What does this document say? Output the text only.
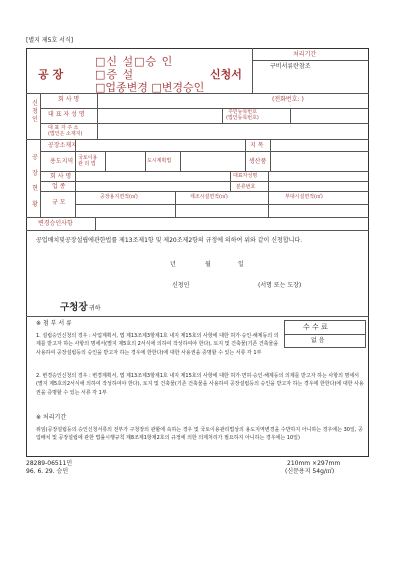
[별지 제5호 서식]
□신 설□승 인
공 장	□증 설	신청서
□업종변경 □변경승인
처리기간
구비서류란참조
신청인
회 사 명	(전화번호: )
대 표 자 성 명	주민등록번호
(법인등록번호)
대 표 자 주 소
(법인은 소재지)
공장현황
공장소재지	지 목
용도지역 국토이용
관 리 법	도시계획법	생산품
회 사 명	대표자성명
업 종	분류번호
규 모
공장용지면적(㎡)	제조시설면적(㎡)	부대시설면적(㎡)
변경승인사항
공업배치및공장설립에관한법률 제13조제1항 및 제20조제2항의 규정에 의하여 위와 같이 신청합니다.
년	월	일
신청인	(서명 또는 도장)
구청장 귀하
※ 첨 부 서 류
1. 설립승인신청의 경우 : 사업계획서, 법 제13조제3항제1호 내지 제15호의 사항에 대한 허가·승인·해제등의 의제를 받고자 하는 사항의 명세서(별지 제5호의 2서식에 의하여 작성하여야 한다), 토지 및 건축물(기존 건축물을 사용하여 공장설립등의 승인을 받고자 하는 경우에 한한다)에 대한 사용권을 증명할 수 있는 서류 각 1부
2. 변경승인신청의 경우 : 변경계획서, 법 제13조제3항제1호 내지 제15호의 사항에 대한 허가·면허·승인·해제등의 의제를 받고자 하는 사항의 명세서(별지 제5호의2서식에 의하여 작성하여야 한다), 토지 및 건축물(기존 건축물을 사용하여 공장설립등의 승인을 받고자 하는 경우에 한한다)에 대한 사용권을 증명할 수 있는 서류 각 1부
수 수 료
없 음
※ 처리기간
위임(공장설립등의 승인신청서류의 전부가 구청장의 관할에 속하는 경우 및 국토이용관리법상의 용도지역변경을 수반하지 아니하는 경우에는 30일, 공업배치 및 공장설립에 관한 법률시행규칙 제8조제1항제2호의 규정에 의한 의제처리가 필요하지 아니하는 경우에는 10일)
28289-06511민
96. 6. 29. 승인
210mm ×297mm
(신문용지 54g/㎡)
